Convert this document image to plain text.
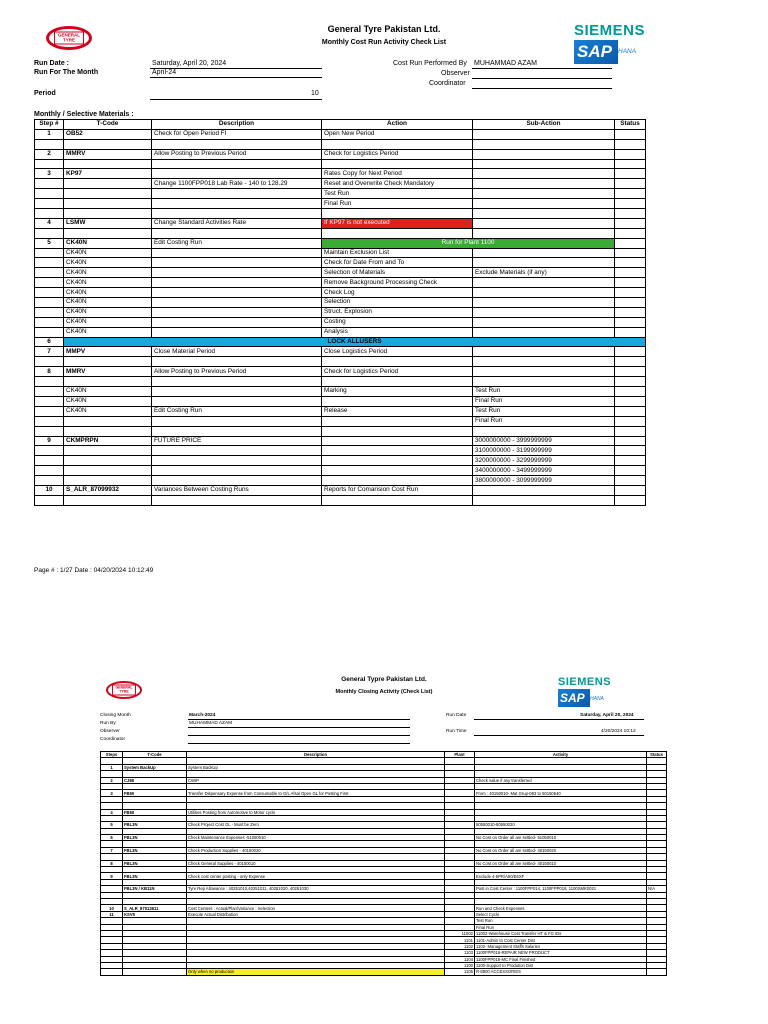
GENERAL TYRE
General Tyre Pakistan Ltd.
Monthly Cost Run Activity Check List
SIEMENS
SAP HANA
Run Date :	Saturday, April 20, 2024
Run For The Month	April-24
Period	10
Cost Run Performed By MUHAMMAD AZAM
Observer
Coordinator
Monthly / Selective Materials :
Step #	T-Code	Description	Action	Sub-Action	Status
1	OB52	Check for Open Period FI	Open New Period		

2	MMRV	Allow Posting to Previous Period	Check for Logistics Period		

3	KP97		Rates Copy for Next Period		
		Change 1100FPP018 Lab Rate - 140 to 128.29	Reset and Overwrite Check Mandatory		
			Test Run		
			Final Run		

4	LSMW	Change Standard Activities Rate	If KP97 is not executed		

5	CK40N	Edit Costing Run	Run for Plant 1100		
	CK40N		Maintain Exclusion List		
	CK40N		Check for Date From and To		
	CK40N		Selection of Materials	Exclude Materials (if any)	
	CK40N		Remove Background Processing Check		
	CK40N		Check Log		
	CK40N		Selection		
	CK40N		Struct. Explosion		
	CK40N		Costing		
	CK40N		Analysis		
6	LOCK ALLUSERS				
7	MMPV	Close Material Period	Close Logistics Period		

8	MMRV	Allow Posting to Previous Period	Check for Logistics Period		

	CK40N		Marking	Test Run	
	CK40N			Final Run	
	CK40N	Edit Costing Run	Release	Test Run	
				Final Run	

9	CKMPRPN	FUTURE PRICE		3000000000 - 3999999999	
				3100000000 - 3199999999	
				3200000000 - 3299999999	
				3400000000 - 3499999999	
				3800000000 - 3099999999	
10	S_ALR_87099932	Variances Between Costing Runs	Reports for Comarision Cost Run		

Page # : 1/27 Date : 04/20/2024 10:12:49
GENERAL TYRE
General Typre Pakistan Ltd.
Monthly Closing Activity (Check List)
SIEMENS
SAP	HANA
Closing Month	March-2024
Run By	MUHAMMAD AZAM
Observer
Coordinator
Run Date	Saturday, April 20, 2024
Run Time	4/20/2024 10:12
Steps	T-Code	Description	Plant	Activity	Status

1	System BackUp	System BackUp			

2	CJ88	CWIP		Check value if any transferred	

3	FB50	Transfer Dispensary Expense from Consumable to G/L Afsal Open GL for Posting First		From : 40150010- Mat Grup-083 to 50150640	

4	FB50	Utilities Posting from Automotive to Motor cycle			

5	FBL3N	Check Project Cost GL - Must be Zero		50550010-50550020	

6	FBL3N	Check Maintenance Expenses -51050010		No Cost on Order all are settled- 51050010	

7	FBL3N	Check Production Supplies - 40150020		No Cost on Order all are settled- 40150020	

8	FBL3N	Check General Supplies - 40150010		No Cost on Order all are settled- 40150010	

9	FBL3N	Check cost center posting - only Expense		Exclude 4-5PR/A50/E6XF	

	FBL3N / KB11N	Tyre Rep Allowance : 40251010,40251011, 40251020, 40251030		Post in Cost Center : 1100FPP014, 1100FPP018, 1100SMK0021	N/A

10	S_ALR_87013611	Cost Centers : Actual/Plan/Variance : Selection		Run and Check Expenses	
11	KSV5	Execute Actual Distribution		Select Cycle	
				Test Run	
				Final Run	
			11002	11002-Warehouse Cost Transfer HT & FG IDs	
			1101	1101-Admin to Cost Center Dist	
			1102	1102- Management Staffs Salaries	
			1103	1100FPP016-REPAIR NEW PRODUCT	
			1104	1100FPP016-MC Final Finished	
			1100	1100-Support to Prodution Dist	
		Only when no production	1105	R-8800 ACCESSORIES	
